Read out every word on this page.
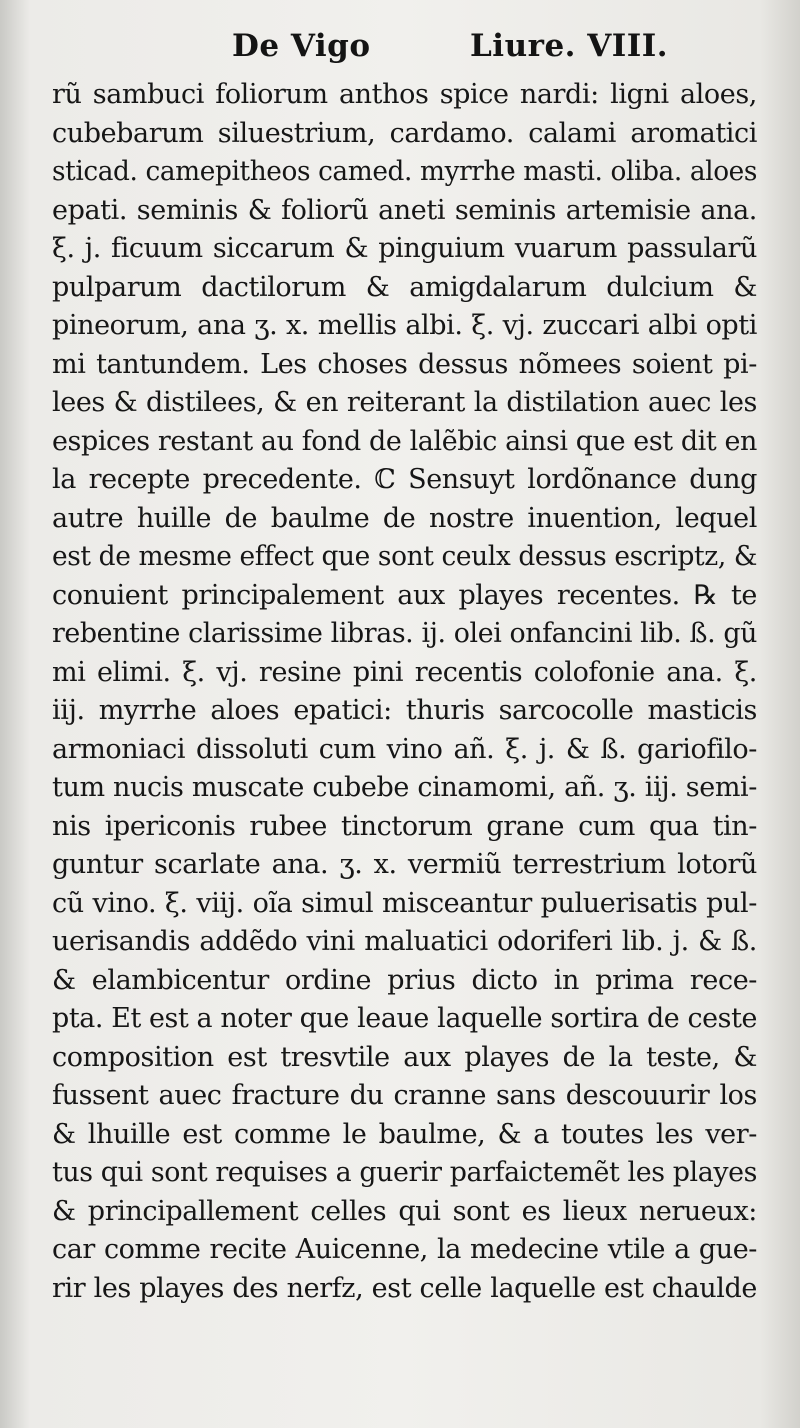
De Vigo	Liure. VIII.
rũ sambuci foliorum anthos spice nardi: ligni aloes,
cubebarum siluestrium, cardamo. calami aromatici
sticad. camepitheos camed. myrrhe masti. oliba. aloes
epati. seminis & foliorũ aneti seminis artemisie ana.
ξ. j. ficuum siccarum & pinguium vuarum passularũ
pulparum dactilorum & amigdalarum dulcium &
pineorum, ana ʒ. x. mellis albi. ξ. vj. zuccari albi opti
mi tantundem. Les choses dessus nõmees soient pi-
lees & distilees, & en reiterant la distilation auec les
espices restant au fond de lalẽbic ainsi que est dit en
la recepte precedente. ℂ Sensuyt lordõnance dung
autre huille de baulme de nostre inuention, lequel
est de mesme effect que sont ceulx dessus escriptz, &
conuient principalement aux playes recentes. ℞ te
rebentine clarissime libras. ij. olei onfancini lib. ß. gũ
mi elimi. ξ. vj. resine pini recentis colofonie ana. ξ.
iij. myrrhe aloes epatici: thuris sarcocolle masticis
armoniaci dissoluti cum vino añ. ξ. j. & ß. gariofilo-
tum nucis muscate cubebe cinamomi, añ. ʒ. iij. semi-
nis ipericonis rubee tinctorum grane cum qua tin-
guntur scarlate ana. ʒ. x. vermiũ terrestrium lotorũ
cũ vino. ξ. viij. oĩa simul misceantur puluerisatis pul-
uerisandis addẽdo vini maluatici odoriferi lib. j. & ß.
& elambicentur ordine prius dicto in prima rece-
pta. Et est a noter que leaue laquelle sortira de ceste
composition est tresvtile aux playes de la teste, &
fussent auec fracture du cranne sans descouurir los
& lhuille est comme le baulme, & a toutes les ver-
tus qui sont requises a guerir parfaictemẽt les playes
& principallement celles qui sont es lieux nerueux:
car comme recite Auicenne, la medecine vtile a gue-
rir les playes des nerfz, est celle laquelle est chaulde
